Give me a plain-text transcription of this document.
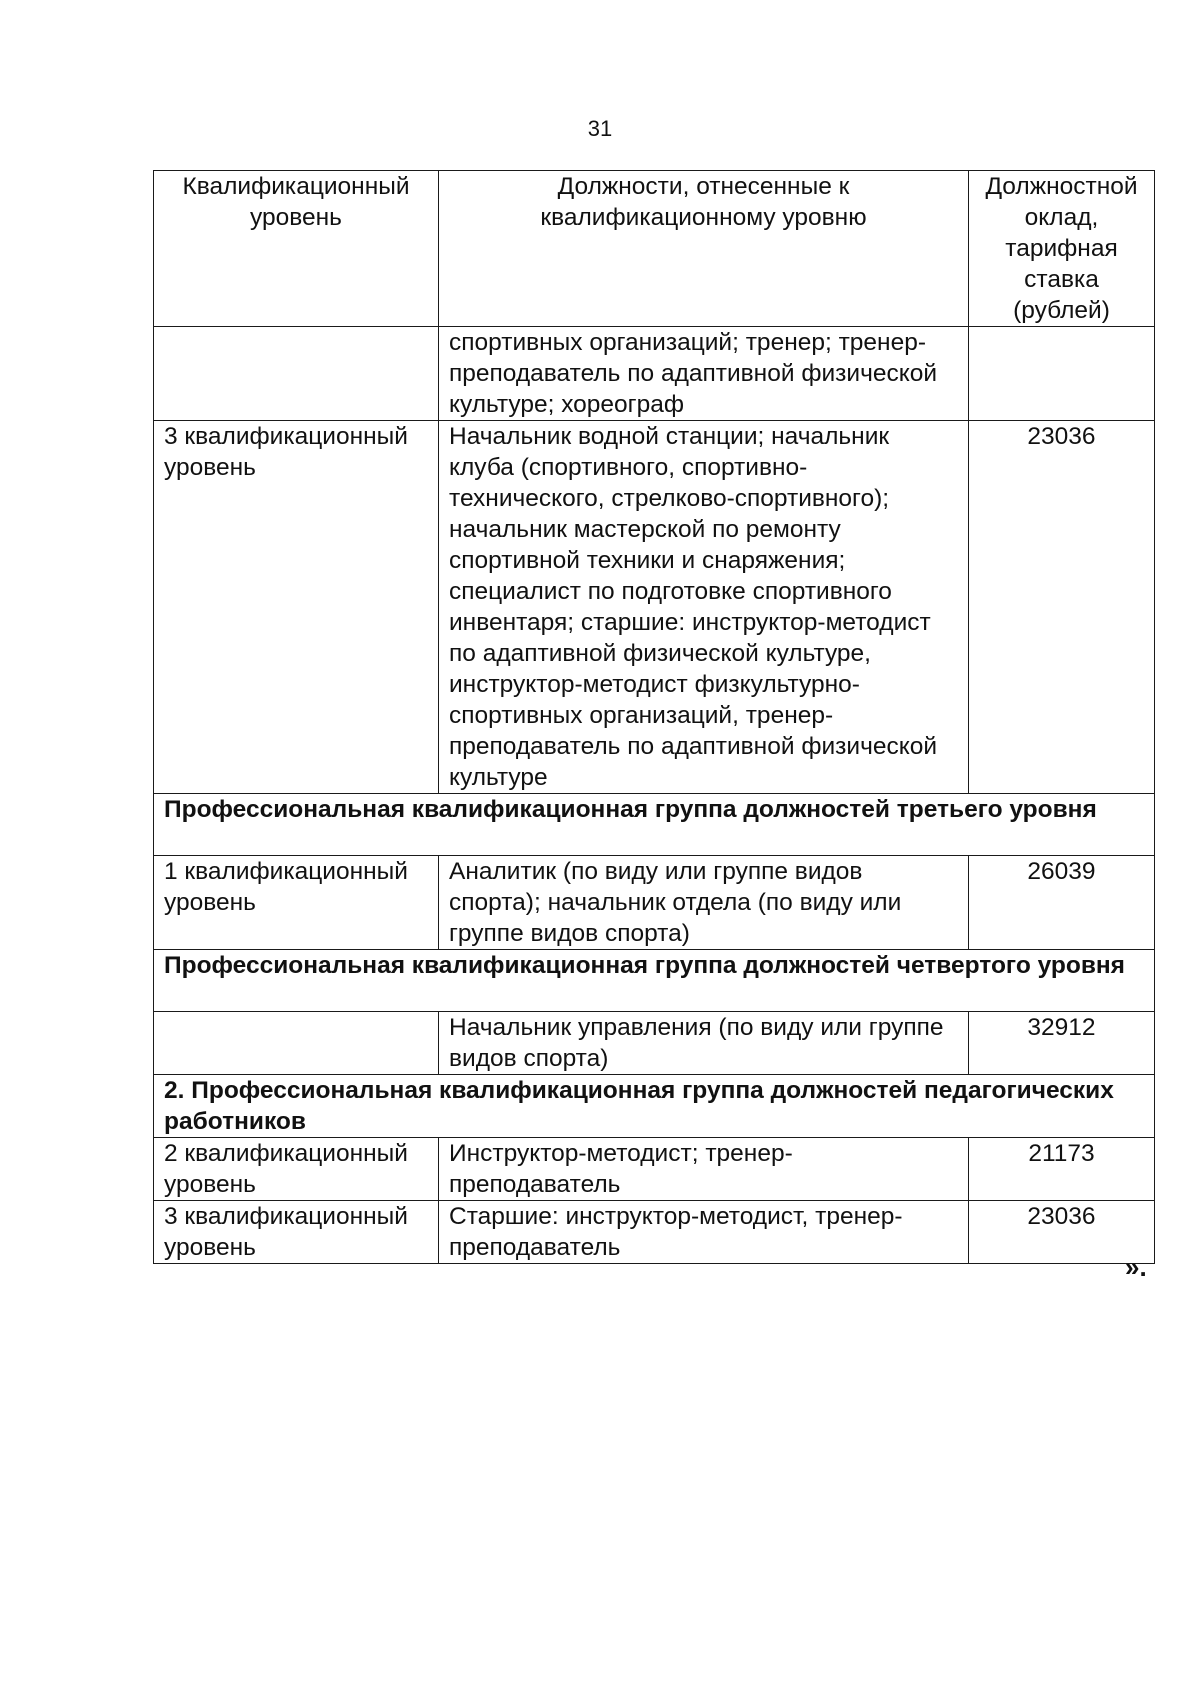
31
Квалификационный уровень	Должности, отнесенные к квалификационному уровню	Должностной оклад, тарифная ставка (рублей)
	спортивных организаций; тренер; тренер-преподаватель по адаптивной физической культуре; хореограф	
3 квалификационный уровень	Начальник водной станции; начальник клуба (спортивного, спортивно-технического, стрелково-спортивного); начальник мастерской по ремонту спортивной техники и снаряжения; специалист по подготовке спортивного инвентаря; старшие: инструктор-методист по адаптивной физической культуре, инструктор-методист физкультурно-спортивных организаций, тренер-преподаватель по адаптивной физической культуре	23036
Профессиональная квалификационная группа должностей третьего уровня		
1 квалификационный уровень	Аналитик (по виду или группе видов спорта); начальник отдела (по виду или группе видов спорта)	26039
Профессиональная квалификационная группа должностей четвертого уровня		
	Начальник управления (по виду или группе видов спорта)	32912
2. Профессиональная квалификационная группа должностей педагогических работников		
2 квалификационный уровень	Инструктор-методист; тренер-преподаватель	21173
3 квалификационный уровень	Старшие: инструктор-методист, тренер-преподаватель	23036
».
